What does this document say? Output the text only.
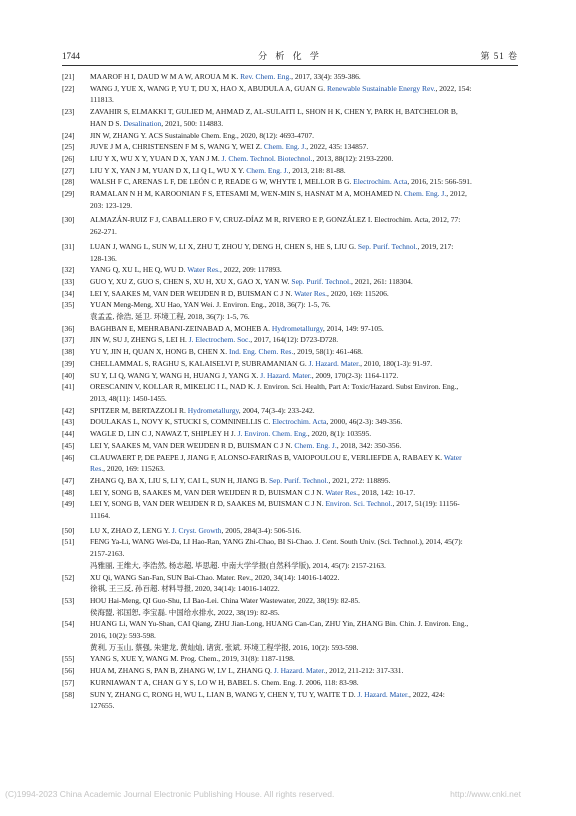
1744	分 析 化 学	第 51 卷
[21] MAAROF H I, DAUD W M A W, AROUA M K. Rev. Chem. Eng., 2017, 33(4): 359-386.
[22] WANG J, YUE X, WANG P, YU T, DU X, HAO X, ABUDULA A, GUAN G. Renewable Sustainable Energy Rev., 2022, 154:
111813.
[23] ZAVAHIR S, ELMAKKI T, GULIED M, AHMAD Z, AL-SULAITI L, SHON H K, CHEN Y, PARK H, BATCHELOR B,
HAN D S. Desalination, 2021, 500: 114883.
[24] JIN W, ZHANG Y. ACS Sustainable Chem. Eng., 2020, 8(12): 4693-4707.
[25] JUVE J M A, CHRISTENSEN F M S, WANG Y, WEI Z. Chem. Eng. J., 2022, 435: 134857.
[26] LIU Y X, WU X Y, YUAN D X, YAN J M. J. Chem. Technol. Biotechnol., 2013, 88(12): 2193-2200.
[27] LIU Y X, YAN J M, YUAN D X, LI Q L, WU X Y. Chem. Eng. J., 2013, 218: 81-88.
[28] WALSH F C, ARENAS L F, DE LEÓN C P, READE G W, WHYTE I, MELLOR B G. Electrochim. Acta, 2016, 215: 566-591.
[29] RAMALAN N H M, KAROONIAN F S, ETESAMI M, WEN-MIN S, HASNAT M A, MOHAMED N. Chem. Eng. J., 2012,
203: 123-129.
[30] ALMAZÁN-RUIZ F J, CABALLERO F V, CRUZ-DÍAZ M R, RIVERO E P, GONZÁLEZ I. Electrochim. Acta, 2012, 77:
262-271.
[31] LUAN J, WANG L, SUN W, LI X, ZHU T, ZHOU Y, DENG H, CHEN S, HE S, LIU G. Sep. Purif. Technol., 2019, 217:
128-136.
[32] YANG Q, XU L, HE Q, WU D. Water Res., 2022, 209: 117893.
[33] GUO Y, XU Z, GUO S, CHEN S, XU H, XU X, GAO X, YAN W. Sep. Purif. Technol., 2021, 261: 118304.
[34] LEI Y, SAAKES M, VAN DER WEIJDEN R D, BUISMAN C J N. Water Res., 2020, 169: 115206.
[35] YUAN Meng-Meng, XU Hao, YAN Wei. J. Environ. Eng., 2018, 36(7): 1-5, 76.
袁孟孟, 徐浩, 延卫. 环境工程, 2018, 36(7): 1-5, 76.
[36] BAGHBAN E, MEHRABANI-ZEINABAD A, MOHEB A. Hydrometallurgy, 2014, 149: 97-105.
[37] JIN W, SU J, ZHENG S, LEI H. J. Electrochem. Soc., 2017, 164(12): D723-D728.
[38] YU Y, JIN H, QUAN X, HONG B, CHEN X. Ind. Eng. Chem. Res., 2019, 58(1): 461-468.
[39] CHELLAMMAL S, RAGHU S, KALAISELVI P, SUBRAMANIAN G. J. Hazard. Mater., 2010, 180(1-3): 91-97.
[40] SU Y, LI Q, WANG Y, WANG H, HUANG J, YANG X. J. Hazard. Mater., 2009, 170(2-3): 1164-1172.
[41] ORESCANIN V, KOLLAR R, MIKELIC I L, NAD K. J. Environ. Sci. Health, Part A: Toxic/Hazard. Subst Environ. Eng.,
2013, 48(11): 1450-1455.
[42] SPITZER M, BERTAZZOLI R. Hydrometallurgy, 2004, 74(3-4): 233-242.
[43] DOULAKAS L, NOVY K, STUCKI S, COMNINELLIS C. Electrochim. Acta, 2000, 46(2-3): 349-356.
[44] WAGLE D, LIN C J, NAWAZ T, SHIPLEY H J. J. Environ. Chem. Eng., 2020, 8(1): 103595.
[45] LEI Y, SAAKES M, VAN DER WEIJDEN R D, BUISMAN C J N. Chem. Eng. J., 2018, 342: 350-356.
[46] CLAUWAERT P, DE PAEPE J, JIANG F, ALONSO-FARIÑAS B, VAIOPOULOU E, VERLIEFDE A, RABAEY K. Water
Res., 2020, 169: 115263.
[47] ZHANG Q, BA X, LIU S, LI Y, CAI L, SUN H, JIANG B. Sep. Purif. Technol., 2021, 272: 118895.
[48] LEI Y, SONG B, SAAKES M, VAN DER WEIJDEN R D, BUISMAN C J N. Water Res., 2018, 142: 10-17.
[49] LEI Y, SONG B, VAN DER WEIJDEN R D, SAAKES M, BUISMAN C J N. Environ. Sci. Technol., 2017, 51(19): 11156-
11164.
[50] LU X, ZHAO Z, LENG Y. J. Cryst. Growth, 2005, 284(3-4): 506-516.
[51] FENG Ya-Li, WANG Wei-Da, LI Hao-Ran, YANG Zhi-Chao, BI Si-Chao. J. Cent. South Univ. (Sci. Technol.), 2014, 45(7):
2157-2163.
冯雅丽, 王维大, 李浩然, 杨志超, 毕思超. 中南大学学报(自然科学版), 2014, 45(7): 2157-2163.
[52] XU Qi, WANG San-Fan, SUN Bai-Chao. Mater. Rev., 2020, 34(14): 14016-14022.
徐祺, 王三反, 孙百超. 材料导报, 2020, 34(14): 14016-14022.
[53] HOU Hai-Meng, QI Guo-Shu, LI Bao-Lei. China Water Wastewater, 2022, 38(19): 82-85.
侯海盟, 祁国恕, 李宝磊. 中国给水排水, 2022, 38(19): 82-85.
[54] HUANG Li, WAN Yu-Shan, CAI Qiang, ZHU Jian-Long, HUANG Can-Can, ZHU Yin, ZHANG Bin. Chin. J. Environ. Eng.,
2016, 10(2): 593-598.
黄利, 万玉山, 蔡强, 朱建龙, 黄灿灿, 诸寅, 张斌. 环境工程学报, 2016, 10(2): 593-598.
[55] YANG S, XUE Y, WANG M. Prog. Chem., 2019, 31(8): 1187-1198.
[56] HUA M, ZHANG S, PAN B, ZHANG W, LV L, ZHANG Q. J. Hazard. Mater., 2012, 211-212: 317-331.
[57] KURNIAWAN T A, CHAN G Y S, LO W H, BABEL S. Chem. Eng. J. 2006, 118: 83-98.
[58] SUN Y, ZHANG C, RONG H, WU L, LIAN B, WANG Y, CHEN Y, TU Y, WAITE T D. J. Hazard. Mater., 2022, 424:
127655.
(C)1994-2023 China Academic Journal Electronic Publishing House. All rights reserved.	http://www.cnki.net
